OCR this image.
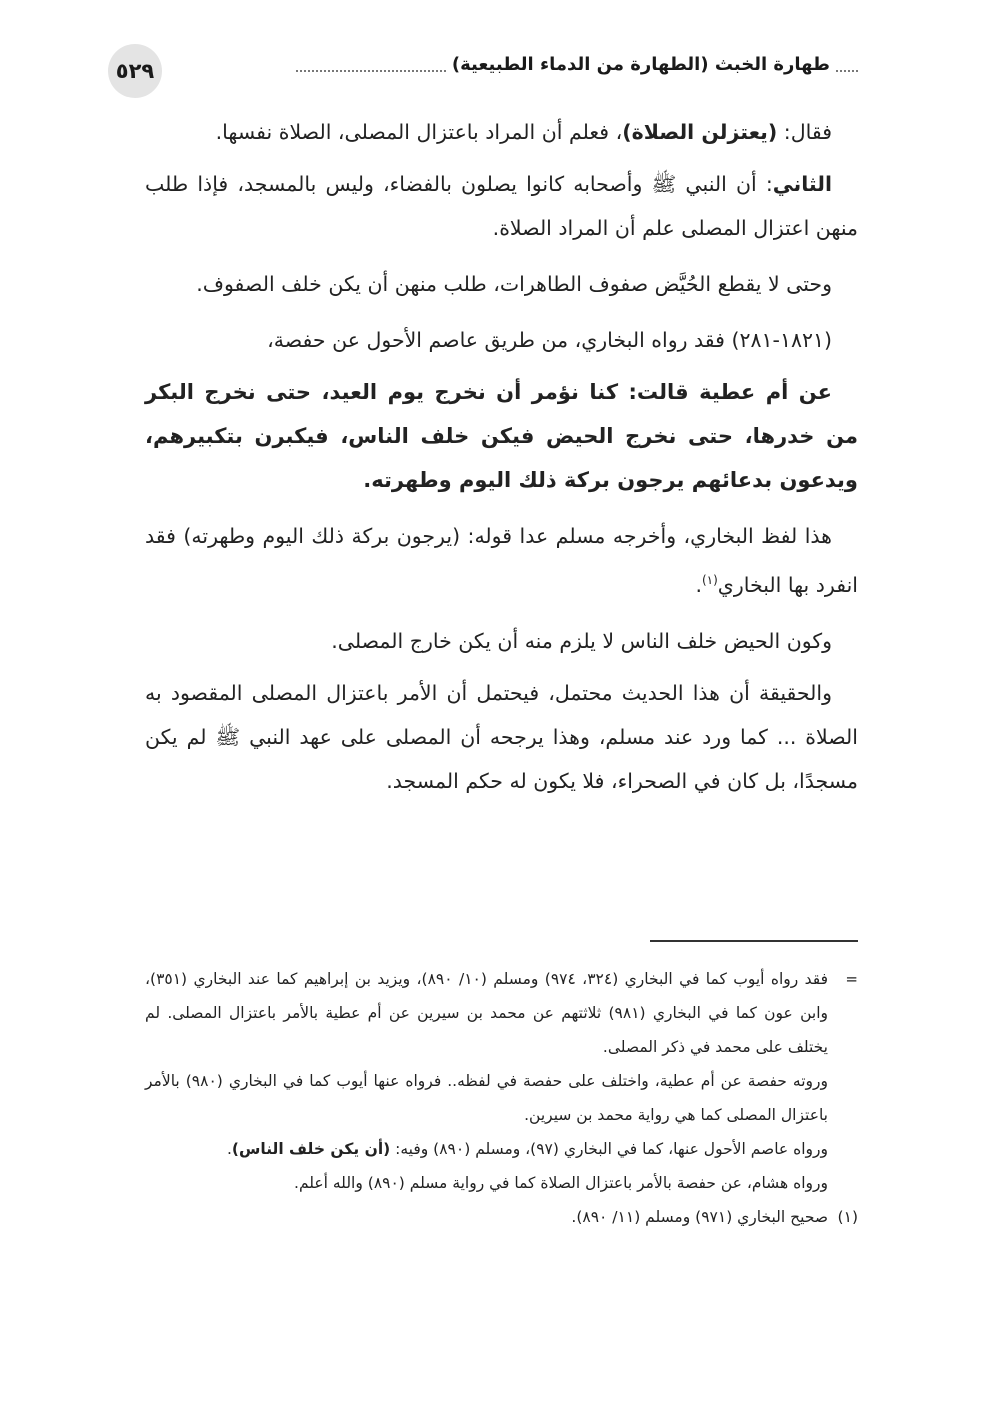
طهارة الخبث (الطهارة من الدماء الطبيعية)
٥٢٩

فقال: (يعتزلن الصلاة)، فعلم أن المراد باعتزال المصلى، الصلاة نفسها.

الثاني: أن النبي ﷺ وأصحابه كانوا يصلون بالفضاء، وليس بالمسجد، فإذا طلب منهن اعتزال المصلى علم أن المراد الصلاة.

وحتى لا يقطع الحُيَّض صفوف الطاهرات، طلب منهن أن يكن خلف الصفوف.

(١٨٢١-٢٨١) فقد رواه البخاري، من طريق عاصم الأحول عن حفصة،

عن أم عطية قالت: كنا نؤمر أن نخرج يوم العيد، حتى نخرج البكر من خدرها، حتى نخرج الحيض فيكن خلف الناس، فيكبرن بتكبيرهم، ويدعون بدعائهم يرجون بركة ذلك اليوم وطهرته.

هذا لفظ البخاري، وأخرجه مسلم عدا قوله: (يرجون بركة ذلك اليوم وطهرته) فقد انفرد بها البخاري$^{(١)}$.

وكون الحيض خلف الناس لا يلزم منه أن يكن خارج المصلى.

والحقيقة أن هذا الحديث محتمل، فيحتمل أن الأمر باعتزال المصلى المقصود به الصلاة ... كما ورد عند مسلم، وهذا يرجحه أن المصلى على عهد النبي ﷺ لم يكن مسجدًا، بل كان في الصحراء، فلا يكون له حكم المسجد.

=
فقد رواه أيوب كما في البخاري (٣٢٤، ٩٧٤) ومسلم (١٠/ ٨٩٠)، ويزيد بن إبراهيم كما عند البخاري (٣٥١)، وابن عون كما في البخاري (٩٨١) ثلاثتهم عن محمد بن سيرين عن أم عطية بالأمر باعتزال المصلى. لم يختلف على محمد في ذكر المصلى.

وروته حفصة عن أم عطية، واختلف على حفصة في لفظه.. فرواه عنها أيوب كما في البخاري (٩٨٠) بالأمر باعتزال المصلى كما هي رواية محمد بن سيرين.

ورواه عاصم الأحول عنها، كما في البخاري (٩٧)، ومسلم (٨٩٠) وفيه: (أن يكن خلف الناس).

ورواه هشام، عن حفصة بالأمر باعتزال الصلاة كما في رواية مسلم (٨٩٠) والله أعلم.

(١)
صحيح البخاري (٩٧١) ومسلم (١١/ ٨٩٠).
